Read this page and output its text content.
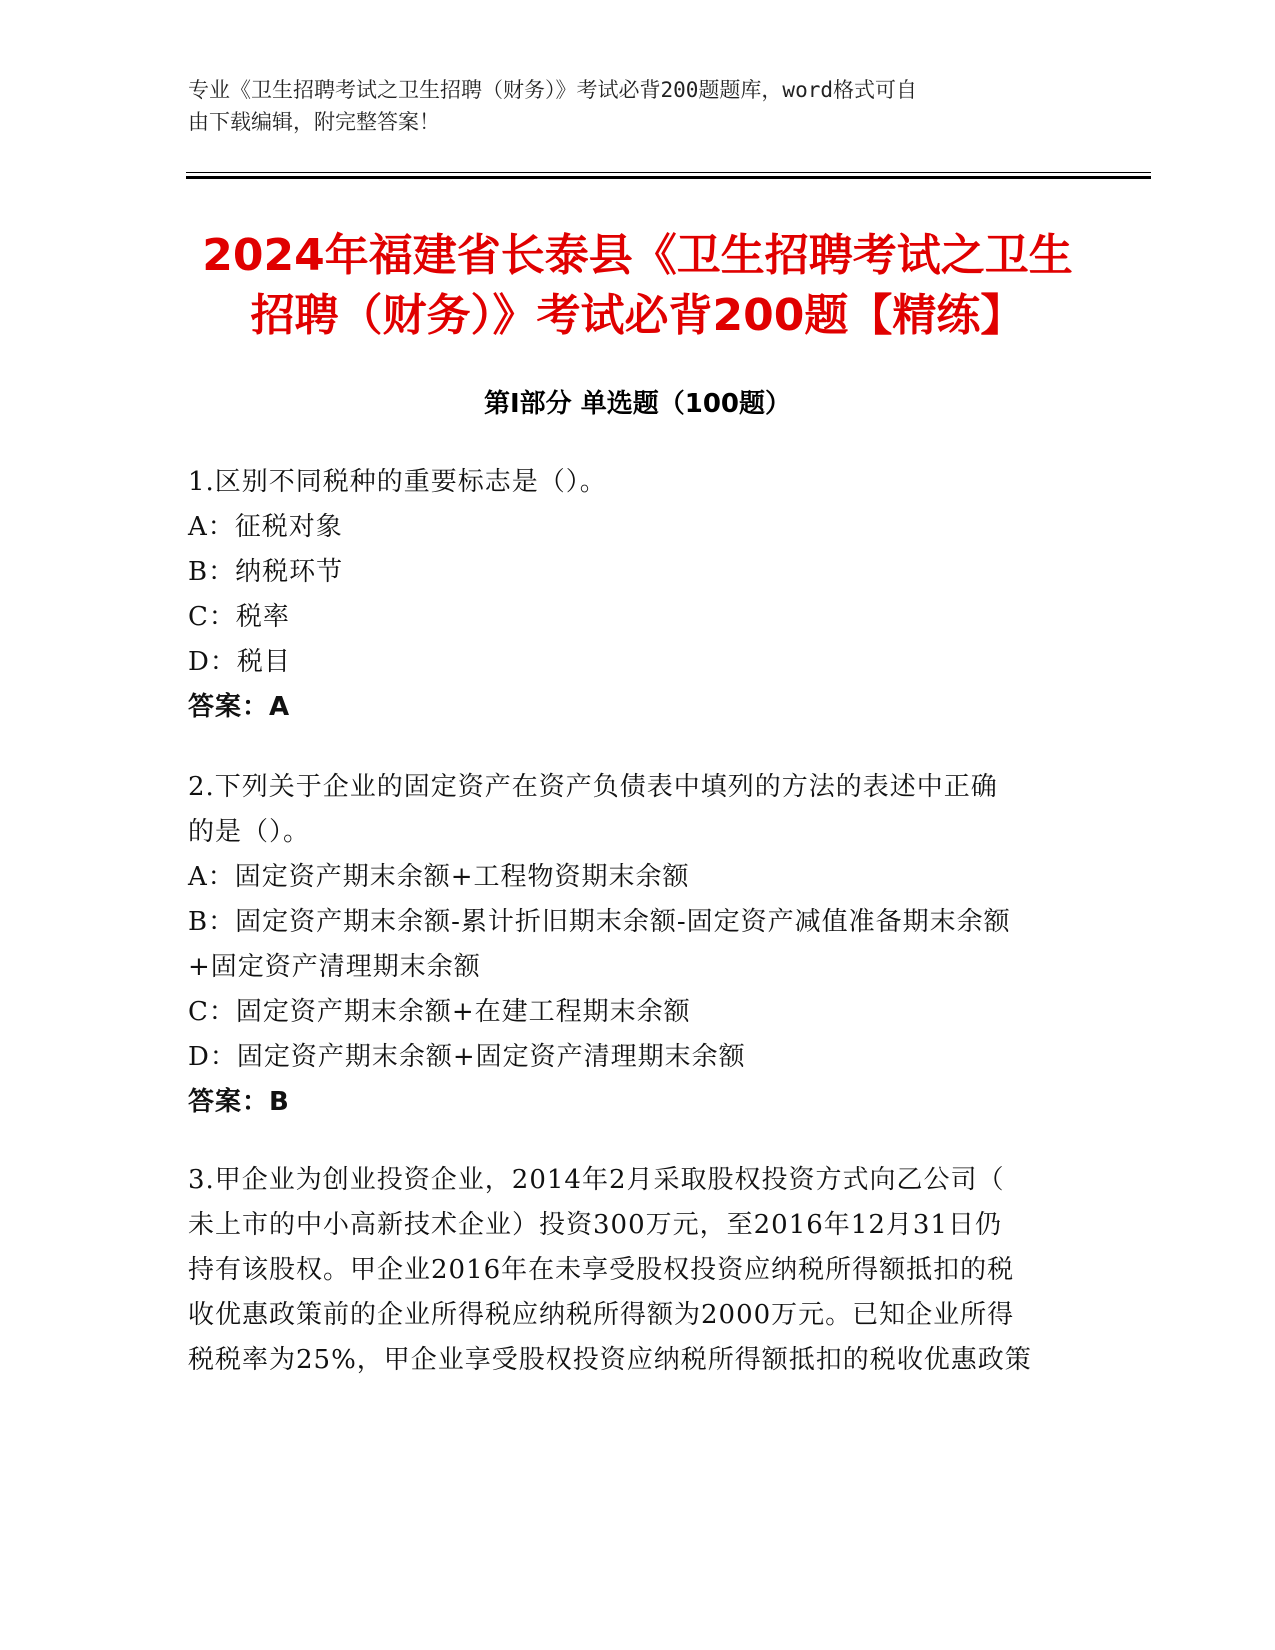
专业《卫生招聘考试之卫生招聘（财务）》考试必背200题题库，word格式可自
由下载编辑，附完整答案！
2024年福建省长泰县《卫生招聘考试之卫生
招聘（财务）》考试必背200题【精练】
第Ⅰ部分 单选题（100题）
1.区别不同税种的重要标志是（）。
A：征税对象
B：纳税环节
C：税率
D：税目
答案：A
2.下列关于企业的固定资产在资产负债表中填列的方法的表述中正确
的是（）。
A：固定资产期末余额+工程物资期末余额
B：固定资产期末余额-累计折旧期末余额-固定资产减值准备期末余额
+固定资产清理期末余额
C：固定资产期末余额+在建工程期末余额
D：固定资产期末余额+固定资产清理期末余额
答案：B
3.甲企业为创业投资企业，2014年2月采取股权投资方式向乙公司（
未上市的中小高新技术企业）投资300万元，至2016年12月31日仍
持有该股权。甲企业2016年在未享受股权投资应纳税所得额抵扣的税
收优惠政策前的企业所得税应纳税所得额为2000万元。已知企业所得
税税率为25%，甲企业享受股权投资应纳税所得额抵扣的税收优惠政策
